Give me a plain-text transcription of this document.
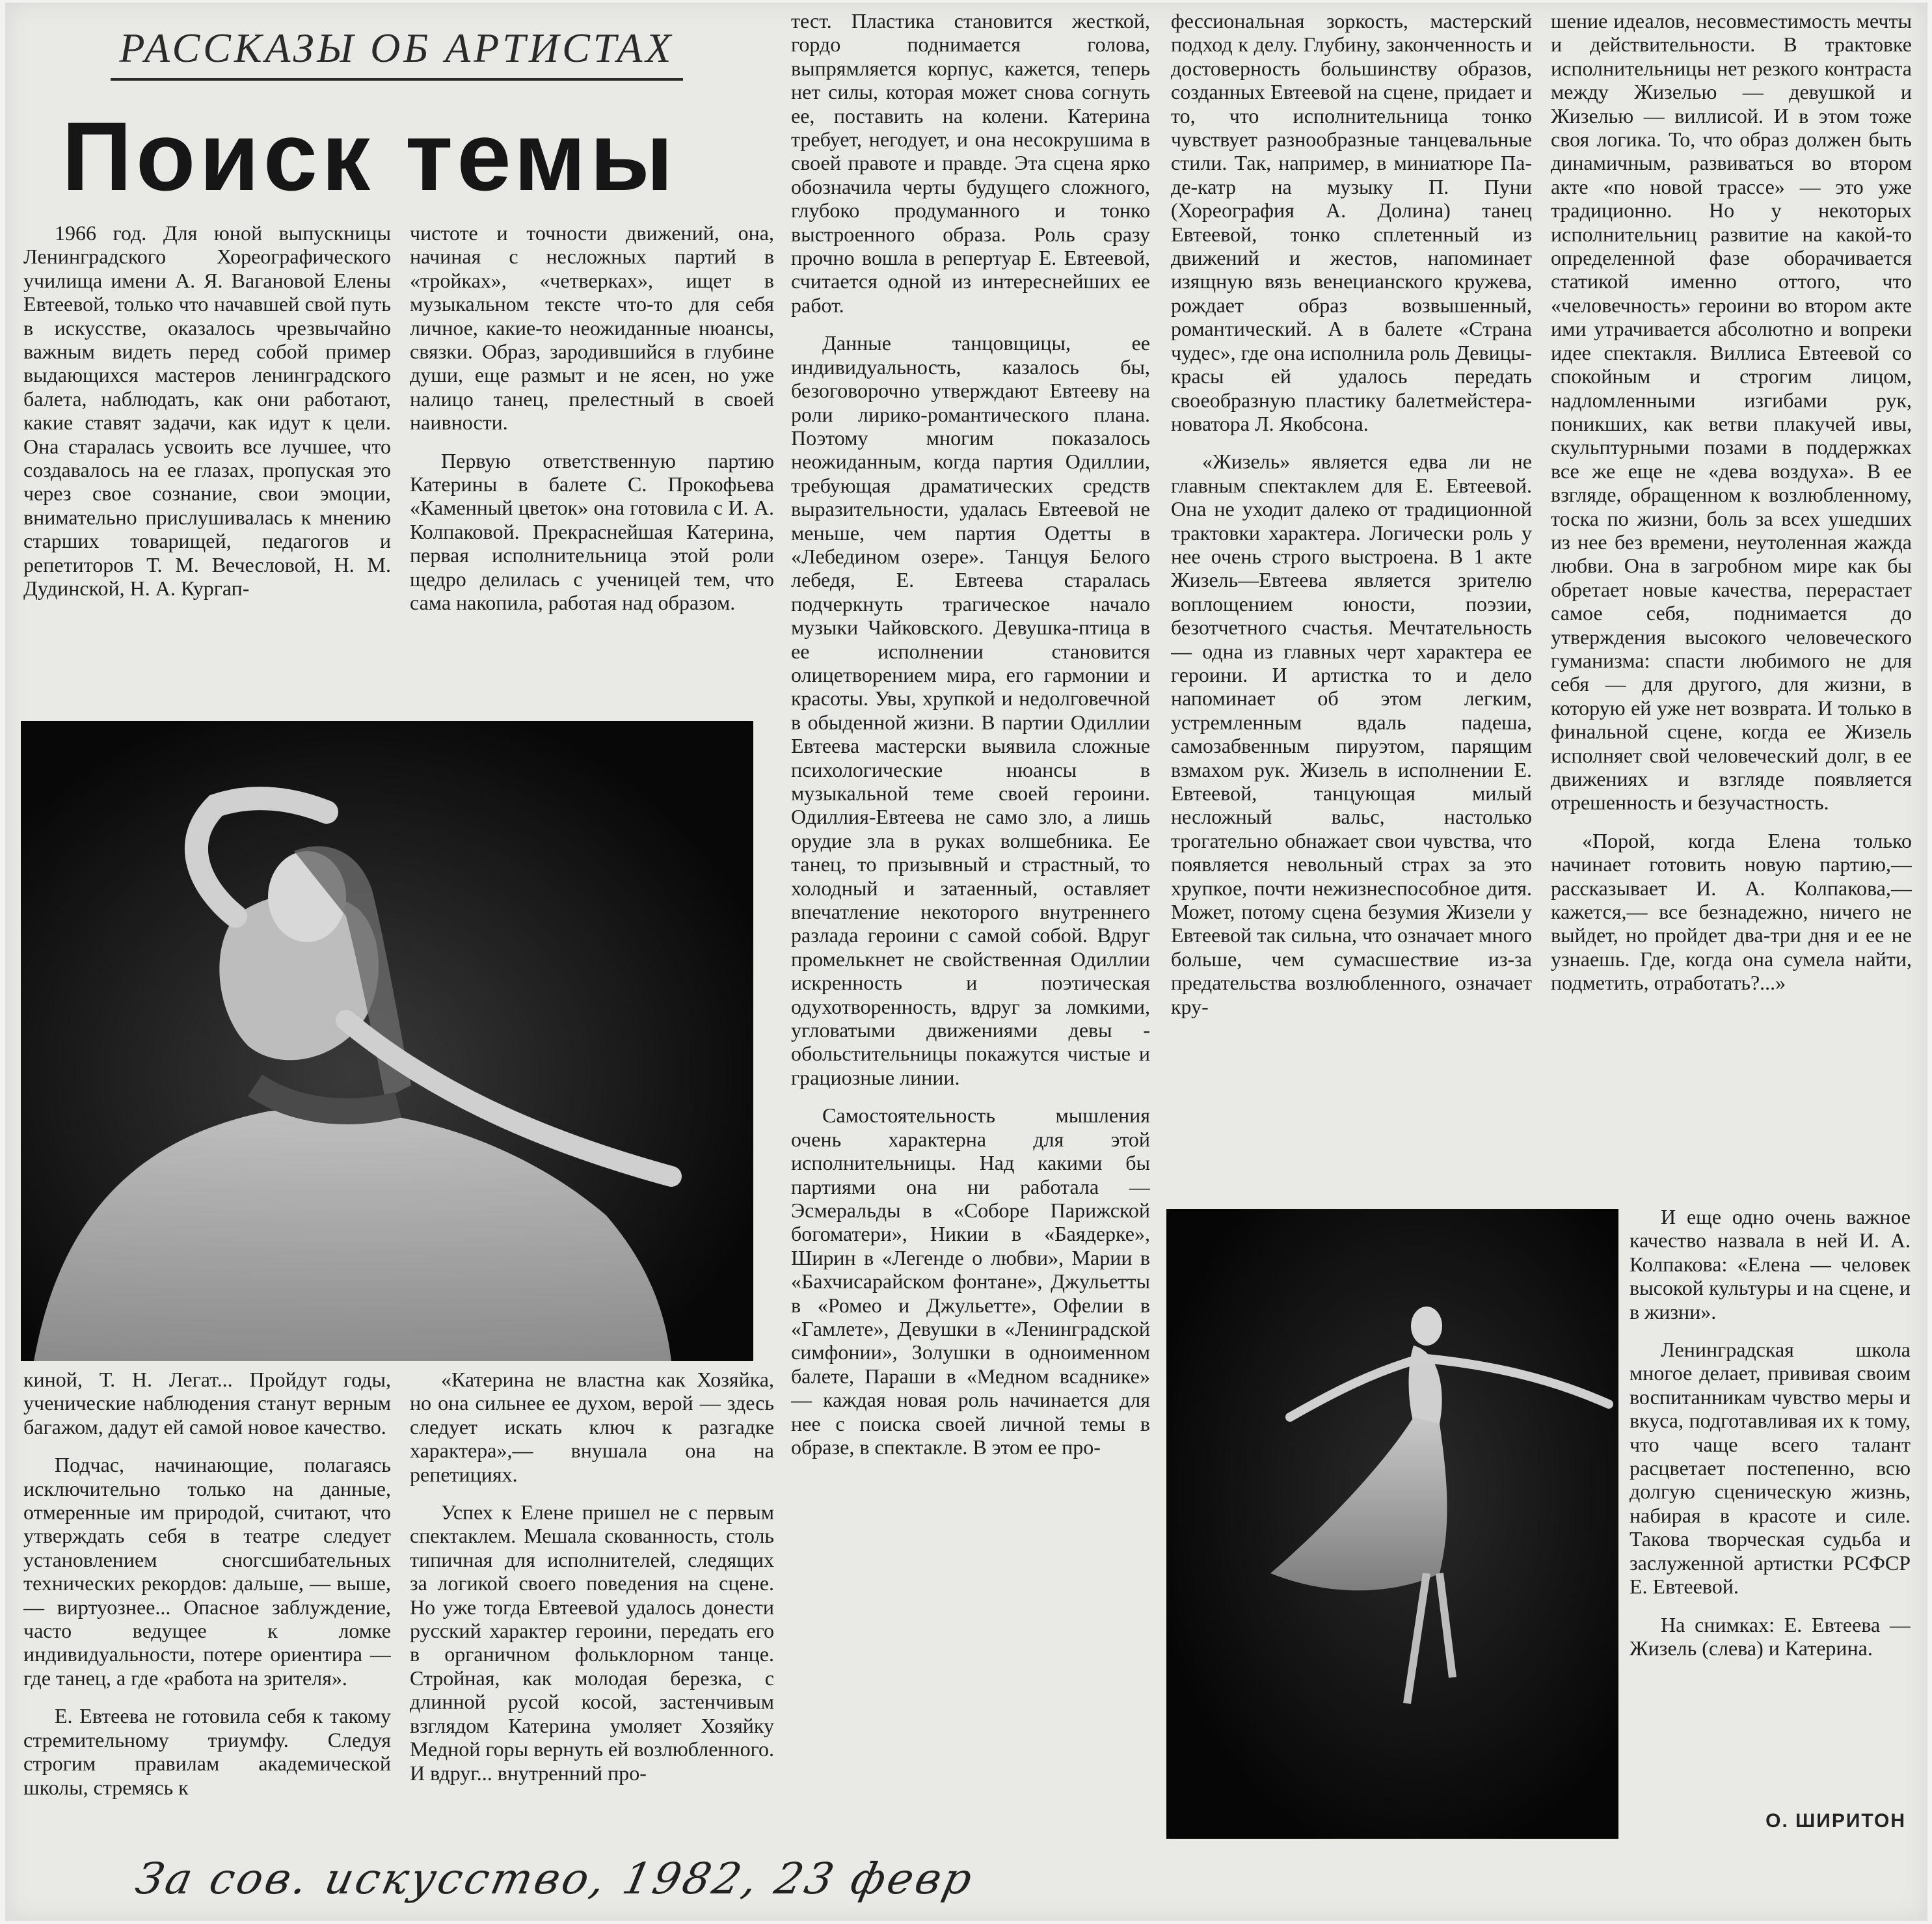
РАССКАЗЫ ОБ АРТИСТАХ
Поиск темы

1966 год. Для юной выпускницы Ленинградского Хореографического училища имени А. Я. Вагановой Елены Евтеевой, только что начавшей свой путь в искусстве, оказалось чрезвычайно важным видеть перед собой пример выдающихся мастеров ленинградского балета, наблюдать, как они работают, какие ставят задачи, как идут к цели. Она старалась усвоить все лучшее, что создавалось на ее глазах, пропуская это через свое сознание, свои эмоции, внимательно прислушивалась к мнению старших товарищей, педагогов и репетиторов Т. М. Вечесловой, Н. М. Дудинской, Н. А. Кургап-

чистоте и точности движений, она, начиная с несложных партий в «тройках», «четверках», ищет в музыкальном тексте что-то для себя личное, какие-то неожиданные нюансы, связки. Образ, зародившийся в глубине души, еще размыт и не ясен, но уже налицо танец, прелестный в своей наивности.

Первую ответственную партию Катерины в балете С. Прокофьева «Каменный цветок» она готовила с И. А. Колпаковой. Прекраснейшая Катерина, первая исполнительница этой роли щедро делилась с ученицей тем, что сама накопила, работая над образом.

тест. Пластика становится жесткой, гордо поднимается голова, выпрямляется корпус, кажется, теперь нет силы, которая может снова согнуть ее, поставить на колени. Катерина требует, негодует, и она несокрушима в своей правоте и правде. Эта сцена ярко обозначила черты будущего сложного, глубоко продуманного и тонко выстроенного образа. Роль сразу прочно вошла в репертуар Е. Евтеевой, считается одной из интереснейших ее работ.

Данные танцовщицы, ее индивидуальность, казалось бы, безоговорочно утверждают Евтееву на роли лирико-романтического плана. Поэтому многим показалось неожиданным, когда партия Одиллии, требующая драматических средств выразительности, удалась Евтеевой не меньше, чем партия Одетты в «Лебедином озере». Танцуя Белого лебедя, Е. Евтеева старалась подчеркнуть трагическое начало музыки Чайковского. Девушка-птица в ее исполнении становится олицетворением мира, его гармонии и красоты. Увы, хрупкой и недолговечной в обыденной жизни. В партии Одиллии Евтеева мастерски выявила сложные психологические нюансы в музыкальной теме своей героини. Одиллия-Евтеева не само зло, а лишь орудие зла в руках волшебника. Ее танец, то призывный и страстный, то холодный и затаенный, оставляет впечатление некоторого внутреннего разлада героини с самой собой. Вдруг промелькнет не свойственная Одиллии искренность и поэтическая одухотворенность, вдруг за ломкими, угловатыми движениями девы - обольстительницы покажутся чистые и грациозные линии.

Самостоятельность мышления очень характерна для этой исполнительницы. Над какими бы партиями она ни работала — Эсмеральды в «Соборе Парижской богоматери», Никии в «Баядерке», Ширин в «Легенде о любви», Марии в «Бахчисарайском фонтане», Джульетты в «Ромео и Джульетте», Офелии в «Гамлете», Девушки в «Ленинградской симфонии», Золушки в одноименном балете, Параши в «Медном всаднике» — каждая новая роль начинается для нее с поиска своей личной темы в образе, в спектакле. В этом ее про-

фессиональная зоркость, мастерский подход к делу. Глубину, законченность и достоверность большинству образов, созданных Евтеевой на сцене, придает и то, что исполнительница тонко чувствует разнообразные танцевальные стили. Так, например, в миниатюре Па-де-катр на музыку П. Пуни (Хореография А. Долина) танец Евтеевой, тонко сплетенный из движений и жестов, напоминает изящную вязь венецианского кружева, рождает образ возвышенный, романтический. А в балете «Страна чудес», где она исполнила роль Девицы-красы ей удалось передать своеобразную пластику балетмейстера-новатора Л. Якобсона.

«Жизель» является едва ли не главным спектаклем для Е. Евтеевой. Она не уходит далеко от традиционной трактовки характера. Логически роль у нее очень строго выстроена. В 1 акте Жизель—Евтеева является зрителю воплощением юности, поэзии, безотчетного счастья. Мечтательность — одна из главных черт характера ее героини. И артистка то и дело напоминает об этом легким, устремленным вдаль падеша, самозабвенным пируэтом, парящим взмахом рук. Жизель в исполнении Е. Евтеевой, танцующая милый несложный вальс, настолько трогательно обнажает свои чувства, что появляется невольный страх за это хрупкое, почти нежизнеспособное дитя. Может, потому сцена безумия Жизели у Евтеевой так сильна, что означает много больше, чем сумасшествие из-за предательства возлюбленного, означает кру-

шение идеалов, несовместимость мечты и действительности. В трактовке исполнительницы нет резкого контраста между Жизелью — девушкой и Жизелью — виллисой. И в этом тоже своя логика. То, что образ должен быть динамичным, развиваться во втором акте «по новой трассе» — это уже традиционно. Но у некоторых исполнительниц развитие на какой-то определенной фазе оборачивается статикой именно оттого, что «человечность» героини во втором акте ими утрачивается абсолютно и вопреки идее спектакля. Виллиса Евтеевой со спокойным и строгим лицом, надломленными изгибами рук, поникших, как ветви плакучей ивы, скульптурными позами в поддержках все же еще не «дева воздуха». В ее взгляде, обращенном к возлюбленному, тоска по жизни, боль за всех ушедших из нее без времени, неутоленная жажда любви. Она в загробном мире как бы обретает новые качества, перерастает самое себя, поднимается до утверждения высокого человеческого гуманизма: спасти любимого не для себя — для другого, для жизни, в которую ей уже нет возврата. И только в финальной сцене, когда ее Жизель исполняет свой человеческий долг, в ее движениях и взгляде появляется отрешенность и безучастность.

«Порой, когда Елена только начинает готовить новую партию,— рассказывает И. А. Колпакова,— кажется,— все безнадежно, ничего не выйдет, но пройдет два-три дня и ее не узнаешь. Где, когда она сумела найти, подметить, отработать?...»

И еще одно очень важное качество назвала в ней И. А. Колпакова: «Елена — человек высокой культуры и на сцене, и в жизни».

Ленинградская школа многое делает, прививая своим воспитанникам чувство меры и вкуса, подготавливая их к тому, что чаще всего талант расцветает постепенно, всю долгую сценическую жизнь, набирая в красоте и силе. Такова творческая судьба и заслуженной артистки РСФСР Е. Евтеевой.

На снимках: Е. Евтеева — Жизель (слева) и Катерина.

киной, Т. Н. Легат... Пройдут годы, ученические наблюдения станут верным багажом, дадут ей самой новое качество.

Подчас, начинающие, полагаясь исключительно только на данные, отмеренные им природой, считают, что утверждать себя в театре следует установлением сногсшибательных технических рекордов: дальше, — выше, — виртуознее... Опасное заблуждение, часто ведущее к ломке индивидуальности, потере ориентира — где танец, а где «работа на зрителя».

Е. Евтеева не готовила себя к такому стремительному триумфу. Следуя строгим правилам академической школы, стремясь к

«Катерина не властна как Хозяйка, но она сильнее ее духом, верой — здесь следует искать ключ к разгадке характера»,— внушала она на репетициях.

Успех к Елене пришел не с первым спектаклем. Мешала скованность, столь типичная для исполнителей, следящих за логикой своего поведения на сцене. Но уже тогда Евтеевой удалось донести русский характер героини, передать его в органичном фольклорном танце. Стройная, как молодая березка, с длинной русой косой, застенчивым взглядом Катерина умоляет Хозяйку Медной горы вернуть ей возлюбленного. И вдруг... внутренний про-

О. ШИРИТОН
За сов. искусство, 1982, 23 февр
